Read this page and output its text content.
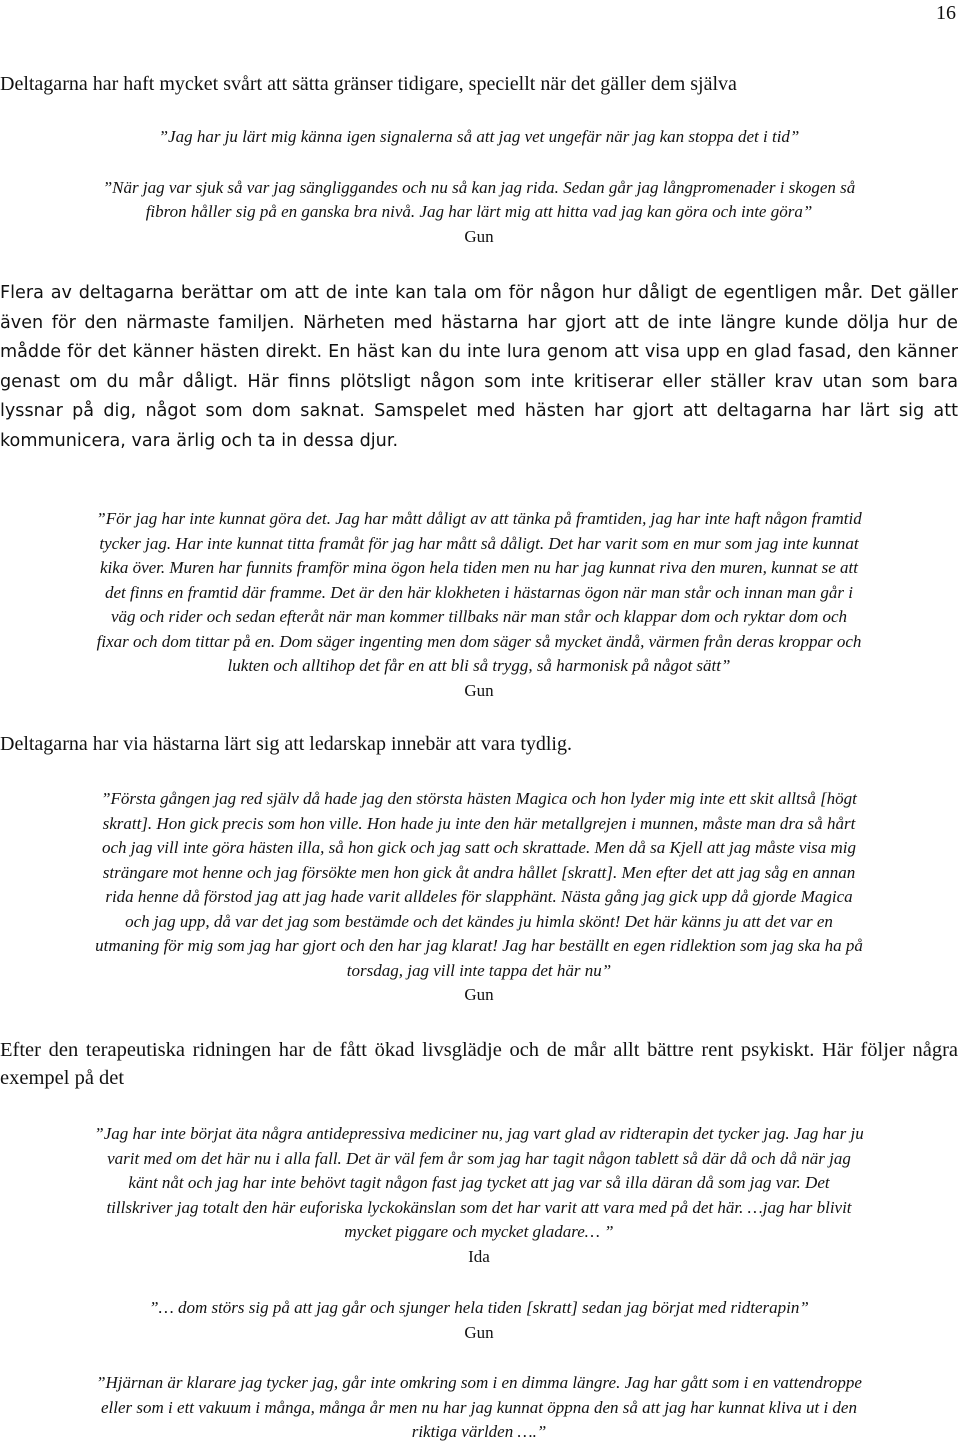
16

Deltagarna har haft mycket svårt att sätta gränser tidigare, speciellt när det gäller dem själva

”Jag har ju lärt mig känna igen signalerna så att jag vet ungefär när jag kan stoppa det i tid”
”När jag var sjuk så var jag sängliggandes och nu så kan jag rida. Sedan går jag långpromenader i skogen så
fibron håller sig på en ganska bra nivå. Jag har lärt mig att hitta vad jag kan göra och inte göra”
Gun

Flera av deltagarna berättar om att de inte kan tala om för någon hur dåligt de egentligen mår. Det gäller även för den närmaste familjen. Närheten med hästarna har gjort att de inte längre kunde dölja hur de mådde för det känner hästen direkt. En häst kan du inte lura genom att visa upp en glad fasad, den känner genast om du mår dåligt. Här finns plötsligt någon som inte kritiserar eller ställer krav utan som bara lyssnar på dig, något som dom saknat. Samspelet med hästen har gjort att deltagarna har lärt sig att kommunicera, vara ärlig och ta in dessa djur.

”För jag har inte kunnat göra det. Jag har mått dåligt av att tänka på framtiden, jag har inte haft någon framtid
tycker jag. Har inte kunnat titta framåt för jag har mått så dåligt. Det har varit som en mur som jag inte kunnat
kika över. Muren har funnits framför mina ögon hela tiden men nu har jag kunnat riva den muren, kunnat se att
det finns en framtid där framme. Det är den här klokheten i hästarnas ögon när man står och innan man går i
väg och rider och sedan efteråt när man kommer tillbaks när man står och klappar dom och ryktar dom och
fixar och dom tittar på en. Dom säger ingenting men dom säger så mycket ändå, värmen från deras kroppar och
lukten och alltihop det får en att bli så trygg, så harmonisk på något sätt”
Gun

Deltagarna har via hästarna lärt sig att ledarskap innebär att vara tydlig.

”Första gången jag red själv då hade jag den största hästen Magica och hon lyder mig inte ett skit alltså [högt
skratt]. Hon gick precis som hon ville. Hon hade ju inte den här metallgrejen i munnen, måste man dra så hårt
och jag vill inte göra hästen illa, så hon gick och jag satt och skrattade. Men då sa Kjell att jag måste visa mig
strängare mot henne och jag försökte men hon gick åt andra hållet [skratt]. Men efter det att jag såg en annan
rida henne då förstod jag att jag hade varit alldeles för slapphänt. Nästa gång jag gick upp då gjorde Magica
och jag upp, då var det jag som bestämde och det kändes ju himla skönt! Det här känns ju att det var en
utmaning för mig som jag har gjort och den har jag klarat! Jag har beställt en egen ridlektion som jag ska ha på
torsdag, jag vill inte tappa det här nu”
Gun

Efter den terapeutiska ridningen har de fått ökad livsglädje och de mår allt bättre rent psykiskt. Här följer några exempel på det

”Jag har inte börjat äta några antidepressiva mediciner nu, jag vart glad av ridterapin det tycker jag. Jag har ju
varit med om det här nu i alla fall. Det är väl fem år som jag har tagit någon tablett så där då och då när jag
känt nåt och jag har inte behövt tagit någon fast jag tycket att jag var så illa däran då som jag var. Det
tillskriver jag totalt den här euforiska lyckokänslan som det har varit att vara med på det här. …jag har blivit
mycket piggare och mycket gladare… ”
Ida
”… dom störs sig på att jag går och sjunger hela tiden [skratt] sedan jag börjat med ridterapin”
Gun
”Hjärnan är klarare jag tycker jag, går inte omkring som i en dimma längre. Jag har gått som i en vattendroppe
eller som i ett vakuum i många, många år men nu har jag kunnat öppna den så att jag har kunnat kliva ut i den
riktiga världen ….”
